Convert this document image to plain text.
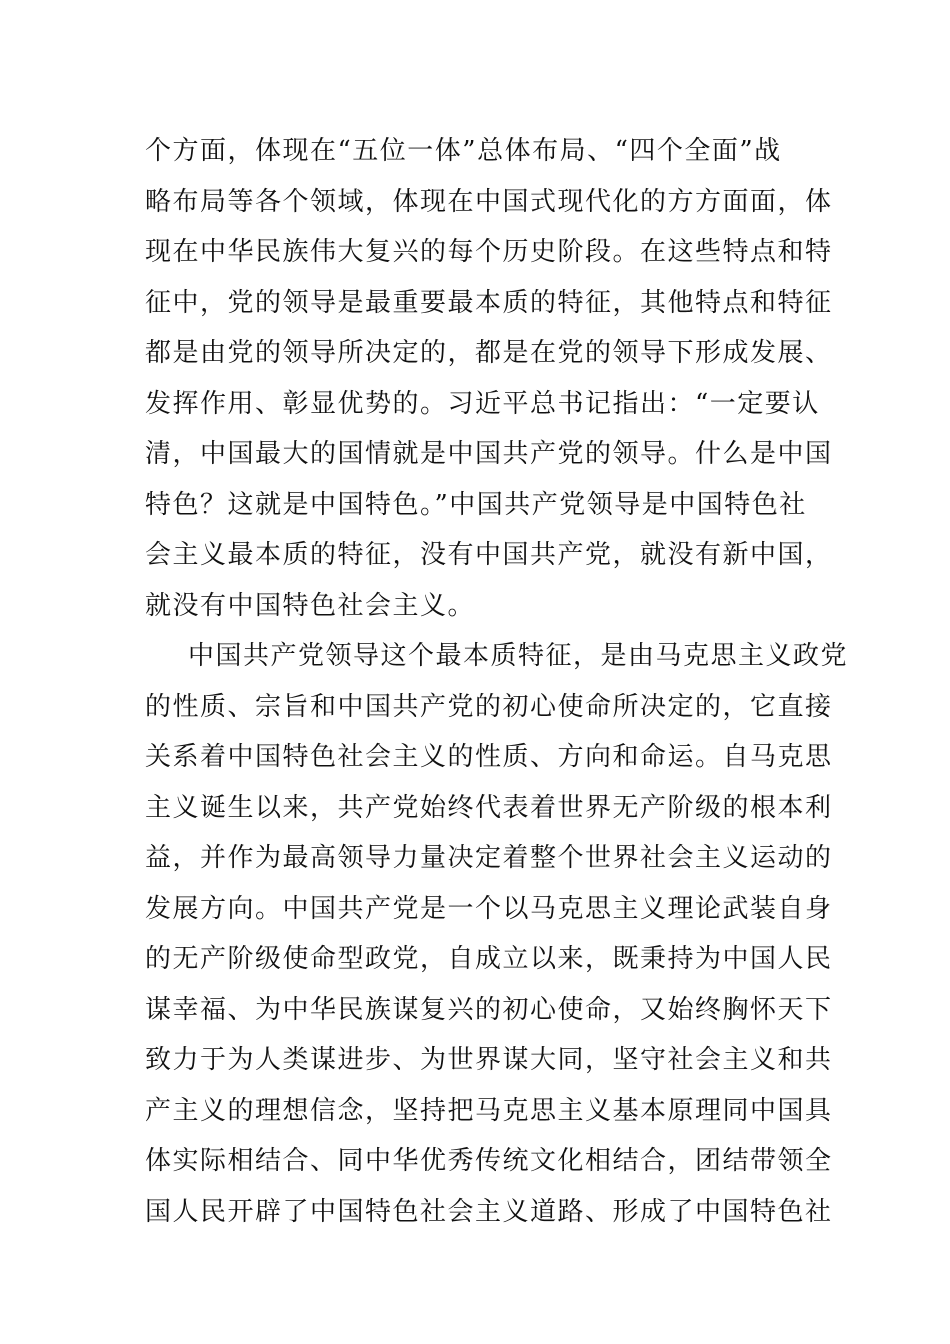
个方面，体现在“五位一体”总体布局、“四个全面”战
略布局等各个领域，体现在中国式现代化的方方面面，体
现在中华民族伟大复兴的每个历史阶段。在这些特点和特
征中，党的领导是最重要最本质的特征，其他特点和特征
都是由党的领导所决定的，都是在党的领导下形成发展、
发挥作用、彰显优势的。习近平总书记指出：“一定要认
清，中国最大的国情就是中国共产党的领导。什么是中国
特色？这就是中国特色。”中国共产党领导是中国特色社
会主义最本质的特征，没有中国共产党，就没有新中国，
就没有中国特色社会主义。
中国共产党领导这个最本质特征，是由马克思主义政党
的性质、宗旨和中国共产党的初心使命所决定的，它直接
关系着中国特色社会主义的性质、方向和命运。自马克思
主义诞生以来，共产党始终代表着世界无产阶级的根本利
益，并作为最高领导力量决定着整个世界社会主义运动的
发展方向。中国共产党是一个以马克思主义理论武装自身
的无产阶级使命型政党，自成立以来，既秉持为中国人民
谋幸福、为中华民族谋复兴的初心使命，又始终胸怀天下
致力于为人类谋进步、为世界谋大同，坚守社会主义和共
产主义的理想信念，坚持把马克思主义基本原理同中国具
体实际相结合、同中华优秀传统文化相结合，团结带领全
国人民开辟了中国特色社会主义道路、形成了中国特色社
